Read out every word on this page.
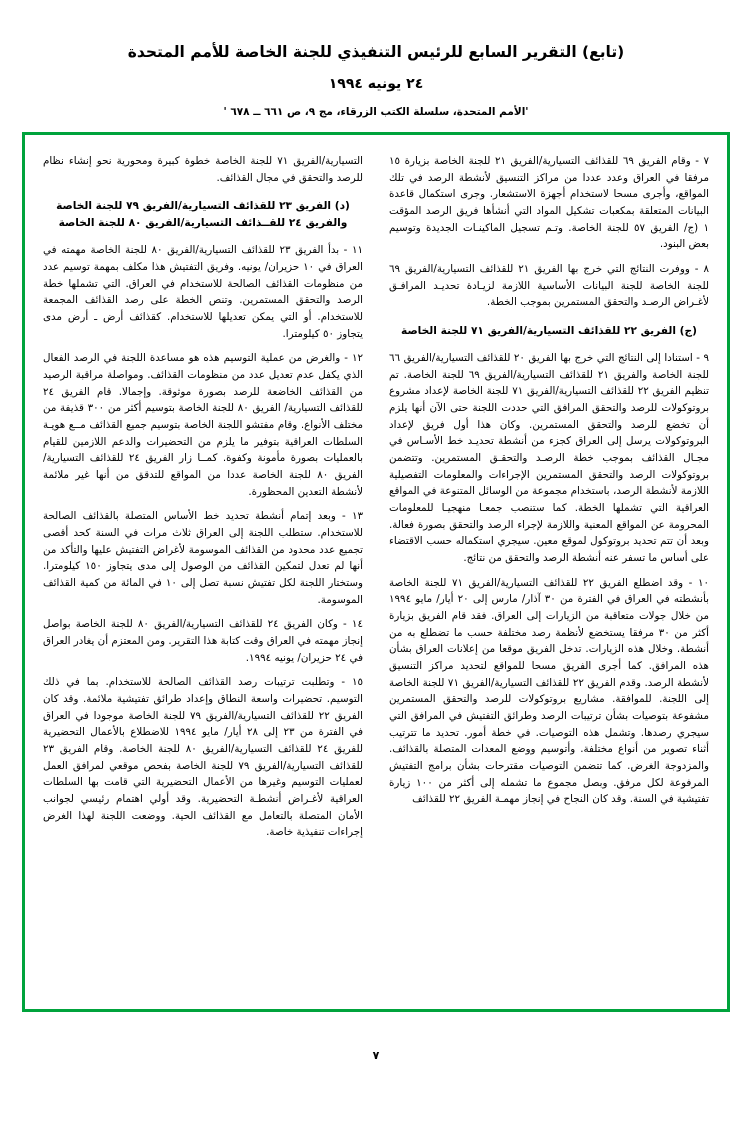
(تابع) التقرير السابع للرئيس التنفيذي للجنة الخاصة للأمم المتحدة
٢٤ يونيه ١٩٩٤
'الأمم المتحدة، سلسلة الكتب الزرقاء، مج ٩، ص ٦٦١ ــ ٦٧٨ '

٧ - وقام الفريق ٦٩ للقذائف التسيارية/الفريق ٢١ للجنة الخاصة بزيارة ١٥ مرفقا في العراق وعدد عددا من مراكز التنسيق لأنشطة الرصد في تلك المواقع، وأجرى مسحا لاستخدام أجهزة الاستشعار. وجرى استكمال قاعدة البيانات المتعلقة بمكعبات تشكيل المواد التي أنشأها فريق الرصد المؤقت ١ (ج/ الفريق ٥٧ للجنة الخاصة. وتـم تسجيل الماكينـات الجديدة وتوسيم بعض البنود.

٨ - ووفرت النتائج التي خرج بها الفريق ٢١ للقذائف التسيارية/الفريق ٦٩ للجنة الخاصة للجنة البيانات الأساسية اللازمة لزيـادة تحديـد المرافـق لأغـراض الرصـد والتحقق المستمرين بموجب الخطة.

(ج) الفريق ٢٢ للقذائف التسيارية/الفريق ٧١ للجنة الخاصة

٩ - استنادا إلى النتائج التي خرج بها الفريق ٢٠ للقذائف التسيارية/الفريق ٦٦ للجنة الخاصة والفريق ٢١ للقذائف التسيارية/الفريق ٦٩ للجنة الخاصة. تم تنظيم الفريق ٢٢ للقذائف التسيارية/الفريق ٧١ للجنة الخاصة لإعداد مشروع بروتوكولات للرصد والتحقق المرافق التي حددت اللجنة حتى الآن أنها يلزم أن تخضع للرصد والتحقق المستمرين. وكان هذا أول فريق لإعداد البروتوكولات يرسل إلى العراق كجزء من أنشطة تحديـد خط الأسـاس في مجـال القذائف بموجب خطة الرصـد والتحقـق المستمرين. وتتضمن بروتوكولات الرصد والتحقق المستمرين الإجراءات والمعلومات التفصيلية اللازمة لأنشطة الرصد، باستخدام مجموعة من الوسائل المتنوعة في المواقع العراقية التي تشملها الخطة. كما ستنصب جمعـا منهجيـا للمعلومات المحرومة عن المواقع المعنية واللازمة لإجراء الرصد والتحقق بصورة فعالة. وبعد أن تتم تحديد بروتوكول لموقع معين. سيجري استكماله حسب الاقتضاء على أساس ما تسفر عنه أنشطة الرصد والتحقق من نتائج.

١٠ - وقد اضطلع الفريق ٢٢ للقذائف التسيارية/الفريق ٧١ للجنة الخاصة بأنشطته في العراق في الفترة من ٣٠ آذار/ مارس إلى ٢٠ أيار/ مايو ١٩٩٤ من خلال جولات متعاقبة من الزيارات إلى العراق. فقد قام الفريق بزيارة أكثر من ٣٠ مرفقا يستخضع لأنظمة رصد مختلفة حسب ما تضطلع به من أنشطة. وخلال هذه الزيارات. تدخل الفريق موقعا من إعلانات العراق بشأن هذه المرافق. كما أجرى الفريق مسحا للمواقع لتحديد مراكز التنسيق لأنشطة الرصد. وقدم الفريق ٢٢ للقذائف التسيارية/الفريق ٧١ للجنة الخاصة إلى اللجنة. للموافقة. مشاريع بروتوكولات للرصد والتحقق المستمرين مشفوعة بتوصيات بشأن ترتيبات الرصد وطرائق التفتيش في المرافق التي سيجري رصدها. وتشمل هذه التوصيات. في خطة أمور. تحديد ما تترتيب أثناء تصوير من أنواع مختلفة. وأتوسيم ووضع المعدات المتصلة بالقذائف. والمزدوجة الغرض. كما تتضمن التوصيات مقترحات بشأن برامج التفتيش المرفوعة لكل مرفق. وبصل مجموع ما تشمله إلى أكثر من ١٠٠ زيارة تفتيشية في السنة. وقد كان النجاح في إنجاز مهمـة الفريق ٢٢ للقذائف

التسيارية/الفريق ٧١ للجنة الخاصة خطوة كبيرة ومحورية نحو إنشاء نظام للرصد والتحقق في مجال القذائف.

(د) الفريق ٢٣ للقذائف التسيارية/الفريق ٧٩ للجنة الخاصة والفريق ٢٤ للقــذائف التسيارية/الفريق ٨٠ للجنة الخاصة

١١ - بدأ الفريق ٢٣ للقذائف التسيارية/الفريق ٨٠ للجنة الخاصة مهمته في العراق في ١٠ حزيران/ يونيه. وفريق التفتيش هذا مكلف بمهمة توسيم عدد من منظومات القذائف الصالحة للاستخدام في العراق. التي تشملها خطة الرصد والتحقق المستمرين. وتنص الخطة على رصد القذائف المجمعة للاستخدام. أو التي يمكن تعديلها للاستخدام. كقذائف أرض ـ أرض مدى يتجاوز ٥٠ كيلومترا.

١٢ - والغرض من عملية التوسيم هذه هو مساعدة اللجنة في الرصد الفعال الذي يكفل عدم تعديل عدد من منظومات القذائف. ومواصلة مراقبة الرصيد من القذائف الخاضعة للرصد بصورة موثوقة. وإجمالا. قام الفريق ٢٤ للقذائف التسيارية/ الفريق ٨٠ للجنة الخاصة بتوسيم أكثر من ٣٠٠ قذيفة من مختلف الأنواع. وقام مفتشو اللجنة الخاصة بتوسيم جميع القذائف مــع هويـة السلطات العراقية بتوفير ما يلزم من التحضيرات والدعم اللازمين للقيام بالعمليات بصورة مأمونة وكفوة. كمــا زار الفريق ٢٤ للقذائف التسيارية/الفريق ٨٠ للجنة الخاصة عددا من المواقع للتدقق من أنها غير ملائمة لأنشطة التعدين المحظورة.

١٣ - وبعد إتمام أنشطة تحديد خط الأساس المتصلة بالقذائف الصالحة للاستخدام. ستطلب اللجنة إلى العراق ثلاث مرات في السنة كحد أقصى تجميع عدد محدود من القذائف الموسومة لأغراض التفتيش عليها والتأكد من أنها لم تعدل لتمكين القذائف من الوصول إلى مدى يتجاوز ١٥٠ كيلومترا. وستختار اللجنة لكل تفتيش نسبة تصل إلى ١٠ في المائة من كمية القذائف الموسومة.

١٤ - وكان الفريق ٢٤ للقذائف التسيارية/الفريق ٨٠ للجنة الخاصة بواصل إنجاز مهمته في العراق وقت كتابة هذا التقرير. ومن المعتزم أن يغادر العراق في ٢٤ حزيران/ يونيه ١٩٩٤.

١٥ - وتطلبت ترتيبات رصد القذائف الصالحة للاستخدام. بما في ذلك التوسيم. تحضيرات واسعة النطاق وإعداد طرائق تفتيشية ملائمة. وقد كان الفريق ٢٢ للقذائف التسيارية/الفريق ٧٩ للجنة الخاصة موجودا في العراق في الفترة من ٢٣ إلى ٢٨ أيار/ مايو ١٩٩٤ للاضطلاع بالأعمال التحضيرية للفريق ٢٤ للقذائف التسيارية/الفريق ٨٠ للجنة الخاصة. وقام الفريق ٢٣ للقذائف التسيارية/الفريق ٧٩ للجنة الخاصة بفحص موقعي لمرافق العمل لعمليات التوسيم وغيرها من الأعمال التحضيرية التي قامت بها السلطات العراقية لأغـراض أنشطـة التحضيرية. وقد أولي اهتمام رئيسي لجوانب الأمان المتصلة بالتعامل مع القذائف الحية. ووضعت اللجنة لهذا الغرض إجراءات تنفيذية خاصة.

٧
